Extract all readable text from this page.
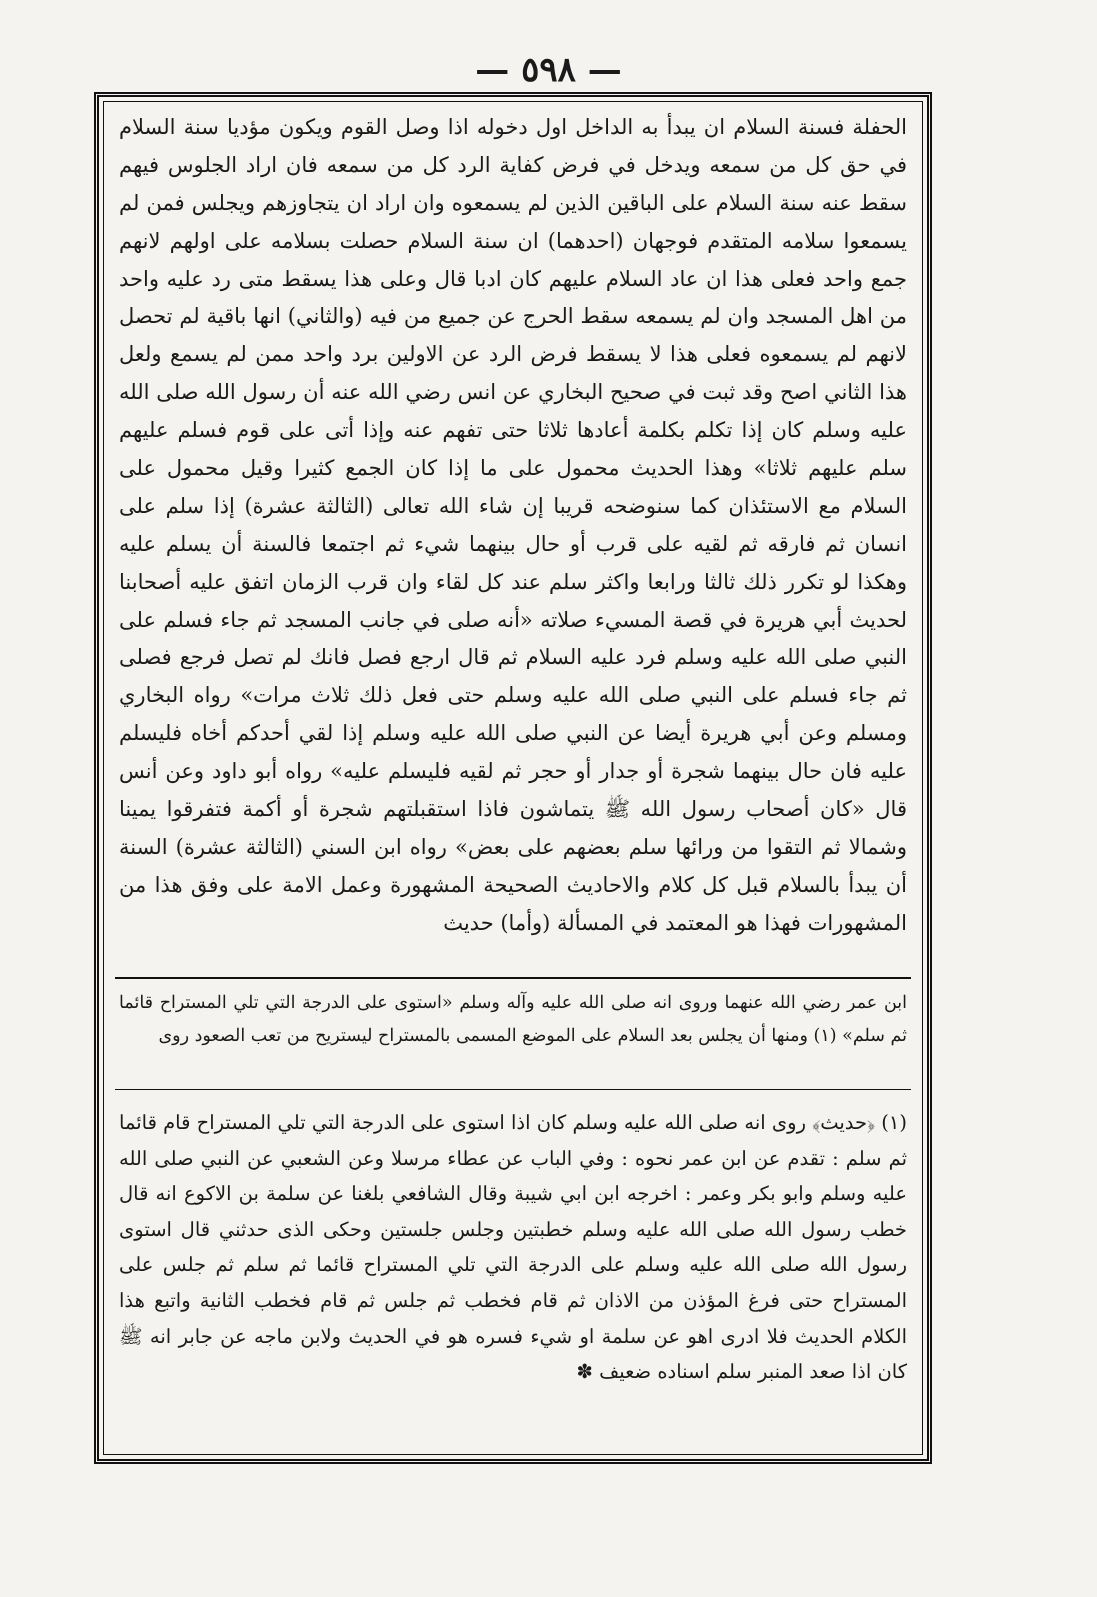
— ٥٩٨ —

الحفلة فسنة السلام ان يبدأ به الداخل اول دخوله اذا وصل القوم ويكون مؤديا سنة السلام في حق كل من سمعه ويدخل في فرض كفاية الرد كل من سمعه فان اراد الجلوس فيهم سقط عنه سنة السلام على الباقين الذين لم يسمعوه وان اراد ان يتجاوزهم ويجلس فمن لم يسمعوا سلامه المتقدم فوجهان (احدهما) ان سنة السلام حصلت بسلامه على اولهم لانهم جمع واحد فعلى هذا ان عاد السلام عليهم كان ادبا قال وعلى هذا يسقط متى رد عليه واحد من اهل المسجد وان لم يسمعه سقط الحرج عن جميع من فيه (والثاني) انها باقية لم تحصل لانهم لم يسمعوه فعلى هذا لا يسقط فرض الرد عن الاولين برد واحد ممن لم يسمع ولعل هذا الثاني اصح وقد ثبت في صحيح البخاري عن انس رضي الله عنه أن رسول الله صلى الله عليه وسلم كان إذا تكلم بكلمة أعادها ثلاثا حتى تفهم عنه وإذا أتى على قوم فسلم عليهم سلم عليهم ثلاثا» وهذا الحديث محمول على ما إذا كان الجمع كثيرا وقيل محمول على السلام مع الاستئذان كما سنوضحه قريبا إن شاء الله تعالى (الثالثة عشرة) إذا سلم على انسان ثم فارقه ثم لقيه على قرب أو حال بينهما شيء ثم اجتمعا فالسنة أن يسلم عليه وهكذا لو تكرر ذلك ثالثا ورابعا واكثر سلم عند كل لقاء وان قرب الزمان اتفق عليه أصحابنا لحديث أبي هريرة في قصة المسيء صلاته «أنه صلى في جانب المسجد ثم جاء فسلم على النبي صلى الله عليه وسلم فرد عليه السلام ثم قال ارجع فصل فانك لم تصل فرجع فصلى ثم جاء فسلم على النبي صلى الله عليه وسلم حتى فعل ذلك ثلاث مرات» رواه البخاري ومسلم وعن أبي هريرة أيضا عن النبي صلى الله عليه وسلم إذا لقي أحدكم أخاه فليسلم عليه فان حال بينهما شجرة أو جدار أو حجر ثم لقيه فليسلم عليه» رواه أبو داود وعن أنس قال «كان أصحاب رسول الله ﷺ يتماشون فاذا استقبلتهم شجرة أو أكمة فتفرقوا يمينا وشمالا ثم التقوا من ورائها سلم بعضهم على بعض» رواه ابن السني (الثالثة عشرة) السنة أن يبدأ بالسلام قبل كل كلام والاحاديث الصحيحة المشهورة وعمل الامة على وفق هذا من المشهورات فهذا هو المعتمد في المسألة (وأما) حديث

ابن عمر رضي الله عنهما وروى انه صلى الله عليه وآله وسلم «استوى على الدرجة التي تلي المستراح قائما ثم سلم» (١) ومنها أن يجلس بعد السلام على الموضع المسمى بالمستراح ليستريح من تعب الصعود روى

(١) ﴿حديث﴾ روى انه صلى الله عليه وسلم كان اذا استوى على الدرجة التي تلي المستراح قام قائما ثم سلم : تقدم عن ابن عمر نحوه : وفي الباب عن عطاء مرسلا وعن الشعبي عن النبي صلى الله عليه وسلم وابو بكر وعمر : اخرجه ابن ابي شيبة وقال الشافعي بلغنا عن سلمة بن الاكوع انه قال خطب رسول الله صلى الله عليه وسلم خطبتين وجلس جلستين وحكى الذى حدثني قال استوى رسول الله صلى الله عليه وسلم على الدرجة التي تلي المستراح قائما ثم سلم ثم جلس على المستراح حتى فرغ المؤذن من الاذان ثم قام فخطب ثم جلس ثم قام فخطب الثانية واتبع هذا الكلام الحديث فلا ادرى اهو عن سلمة او شيء فسره هو في الحديث ولابن ماجه عن جابر انه ﷺ كان اذا صعد المنبر سلم اسناده ضعيف ✽
